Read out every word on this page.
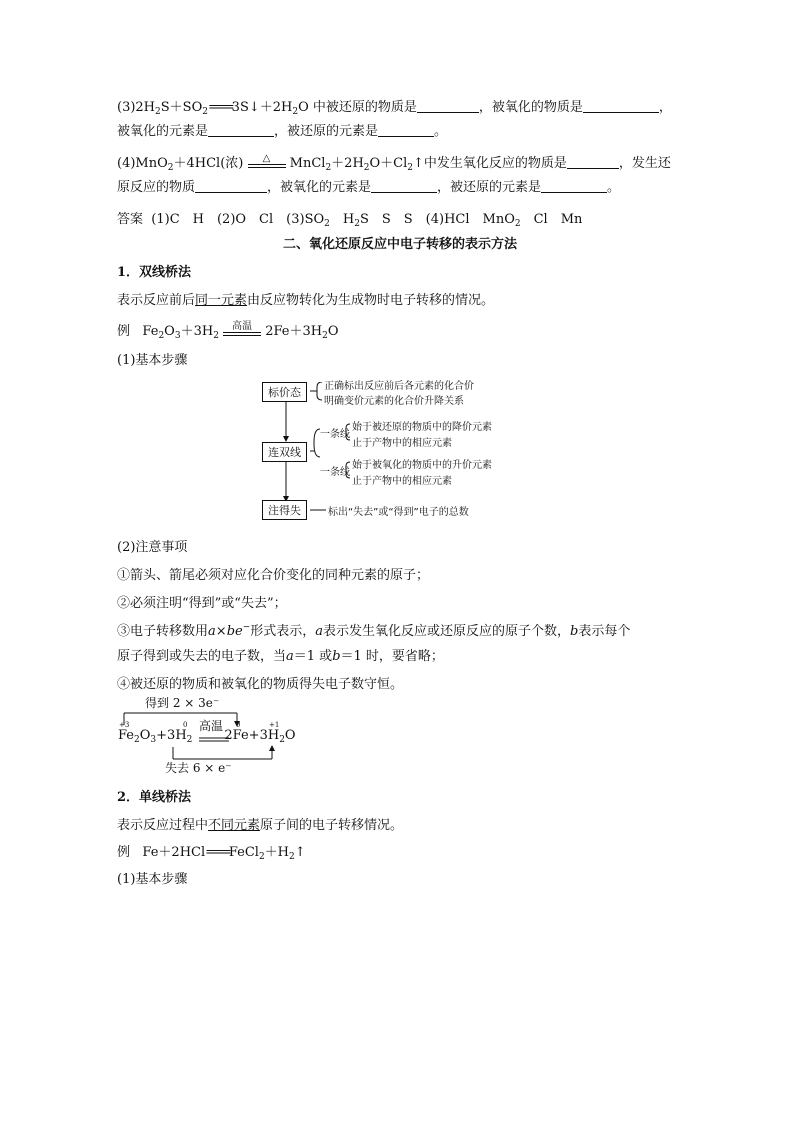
$(3)2H_2S+SO_2===3S↓+2H_2O$ 中被还原的物质是	，被氧化的物质是	，
被氧化的元素是	，被还原的元素是	。
(4)MnO$_2$＋4HCl(浓)	△	$MnCl_2+2H_2O+Cl_2↑$中发生氧化反应的物质是	，发生还
原反应的物质	，被氧化的元素是	，被还原的元素是	。
答案 (1)C　H　(2)O　Cl　$(3)SO_2$　$H_2S$　S　S　(4)HCl　MnO$_2$　Cl　Mn
二、氧化还原反应中电子转移的表示方法
1．双线桥法
表示反应前后同一元素由反应物转化为生成物时电子转移的情况。
例 $Fe_2O_3+3H_2$
高温	$2Fe+3H_2O$
(1)基本步骤
标价态
连双线
注得失
正确标出反应前后各元素的化合价
明确变价元素的化合价升降关系
一条线
始于被还原的物质中的降价元素
止于产物中的相应元素
一条线
始于被氧化的物质中的升价元素
止于产物中的相应元素
标出“失去”或“得到”电子的总数
(2)注意事项
①箭头、箭尾必须对应化合价变化的同种元素的原子；
②必须注明“得到”或“失去”；
③电子转移数用a×be−形式表示，a表示发生氧化反应或还原反应的原子个数，b表示每个
原子得到或失去的电子数，当a＝1 或b＝1 时，要省略；
④被还原的物质和被氧化的物质得失电子数守恒。
得到 2 × 3e⁻
失去 6 × e⁻
+3	0	0	+1
高温
$Fe_2O_3+3H_2$ $2Fe+3H_2O$
2．单线桥法
表示反应过程中不同元素原子间的电子转移情况。
例 $Fe+2HCl===FeCl_2+H_2↑$
(1)基本步骤
